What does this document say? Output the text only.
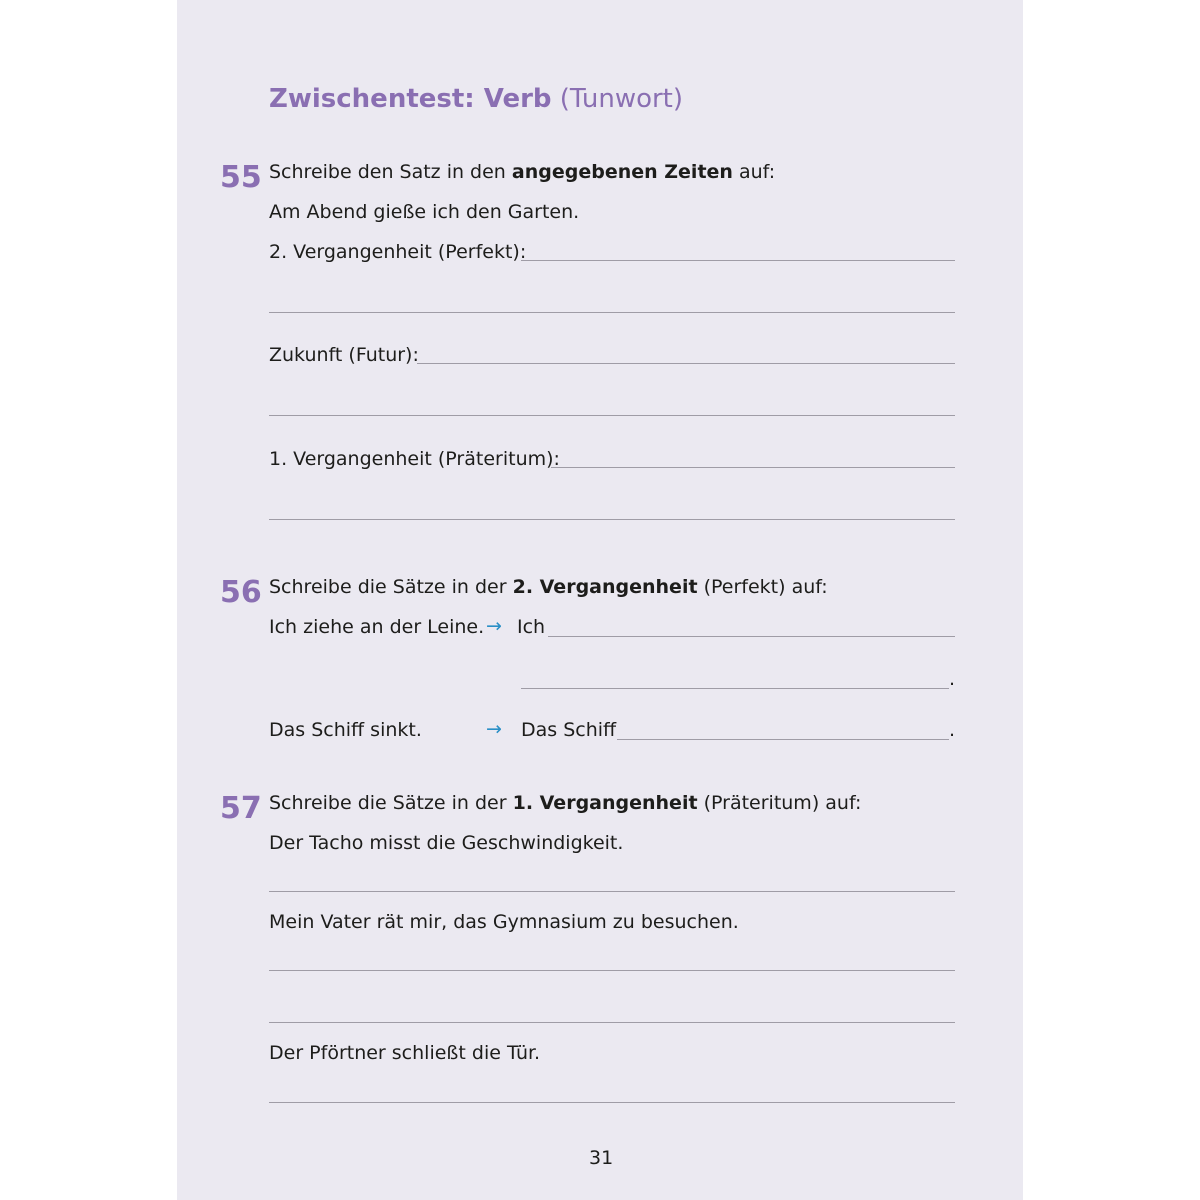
Zwischentest: Verb (Tunwort)
55 Schreibe den Satz in den angegebenen Zeiten auf:
Am Abend gieße ich den Garten.
2. Vergangenheit (Perfekt):
Zukunft (Futur):
1. Vergangenheit (Präteritum):
56 Schreibe die Sätze in der 2. Vergangenheit (Perfekt) auf:
Ich ziehe an der Leine. → Ich
.
Das Schiff sinkt.	→ Das Schiff	.
57 Schreibe die Sätze in der 1. Vergangenheit (Präteritum) auf:
Der Tacho misst die Geschwindigkeit.
Mein Vater rät mir, das Gymnasium zu besuchen.
Der Pförtner schließt die Tür.
31
